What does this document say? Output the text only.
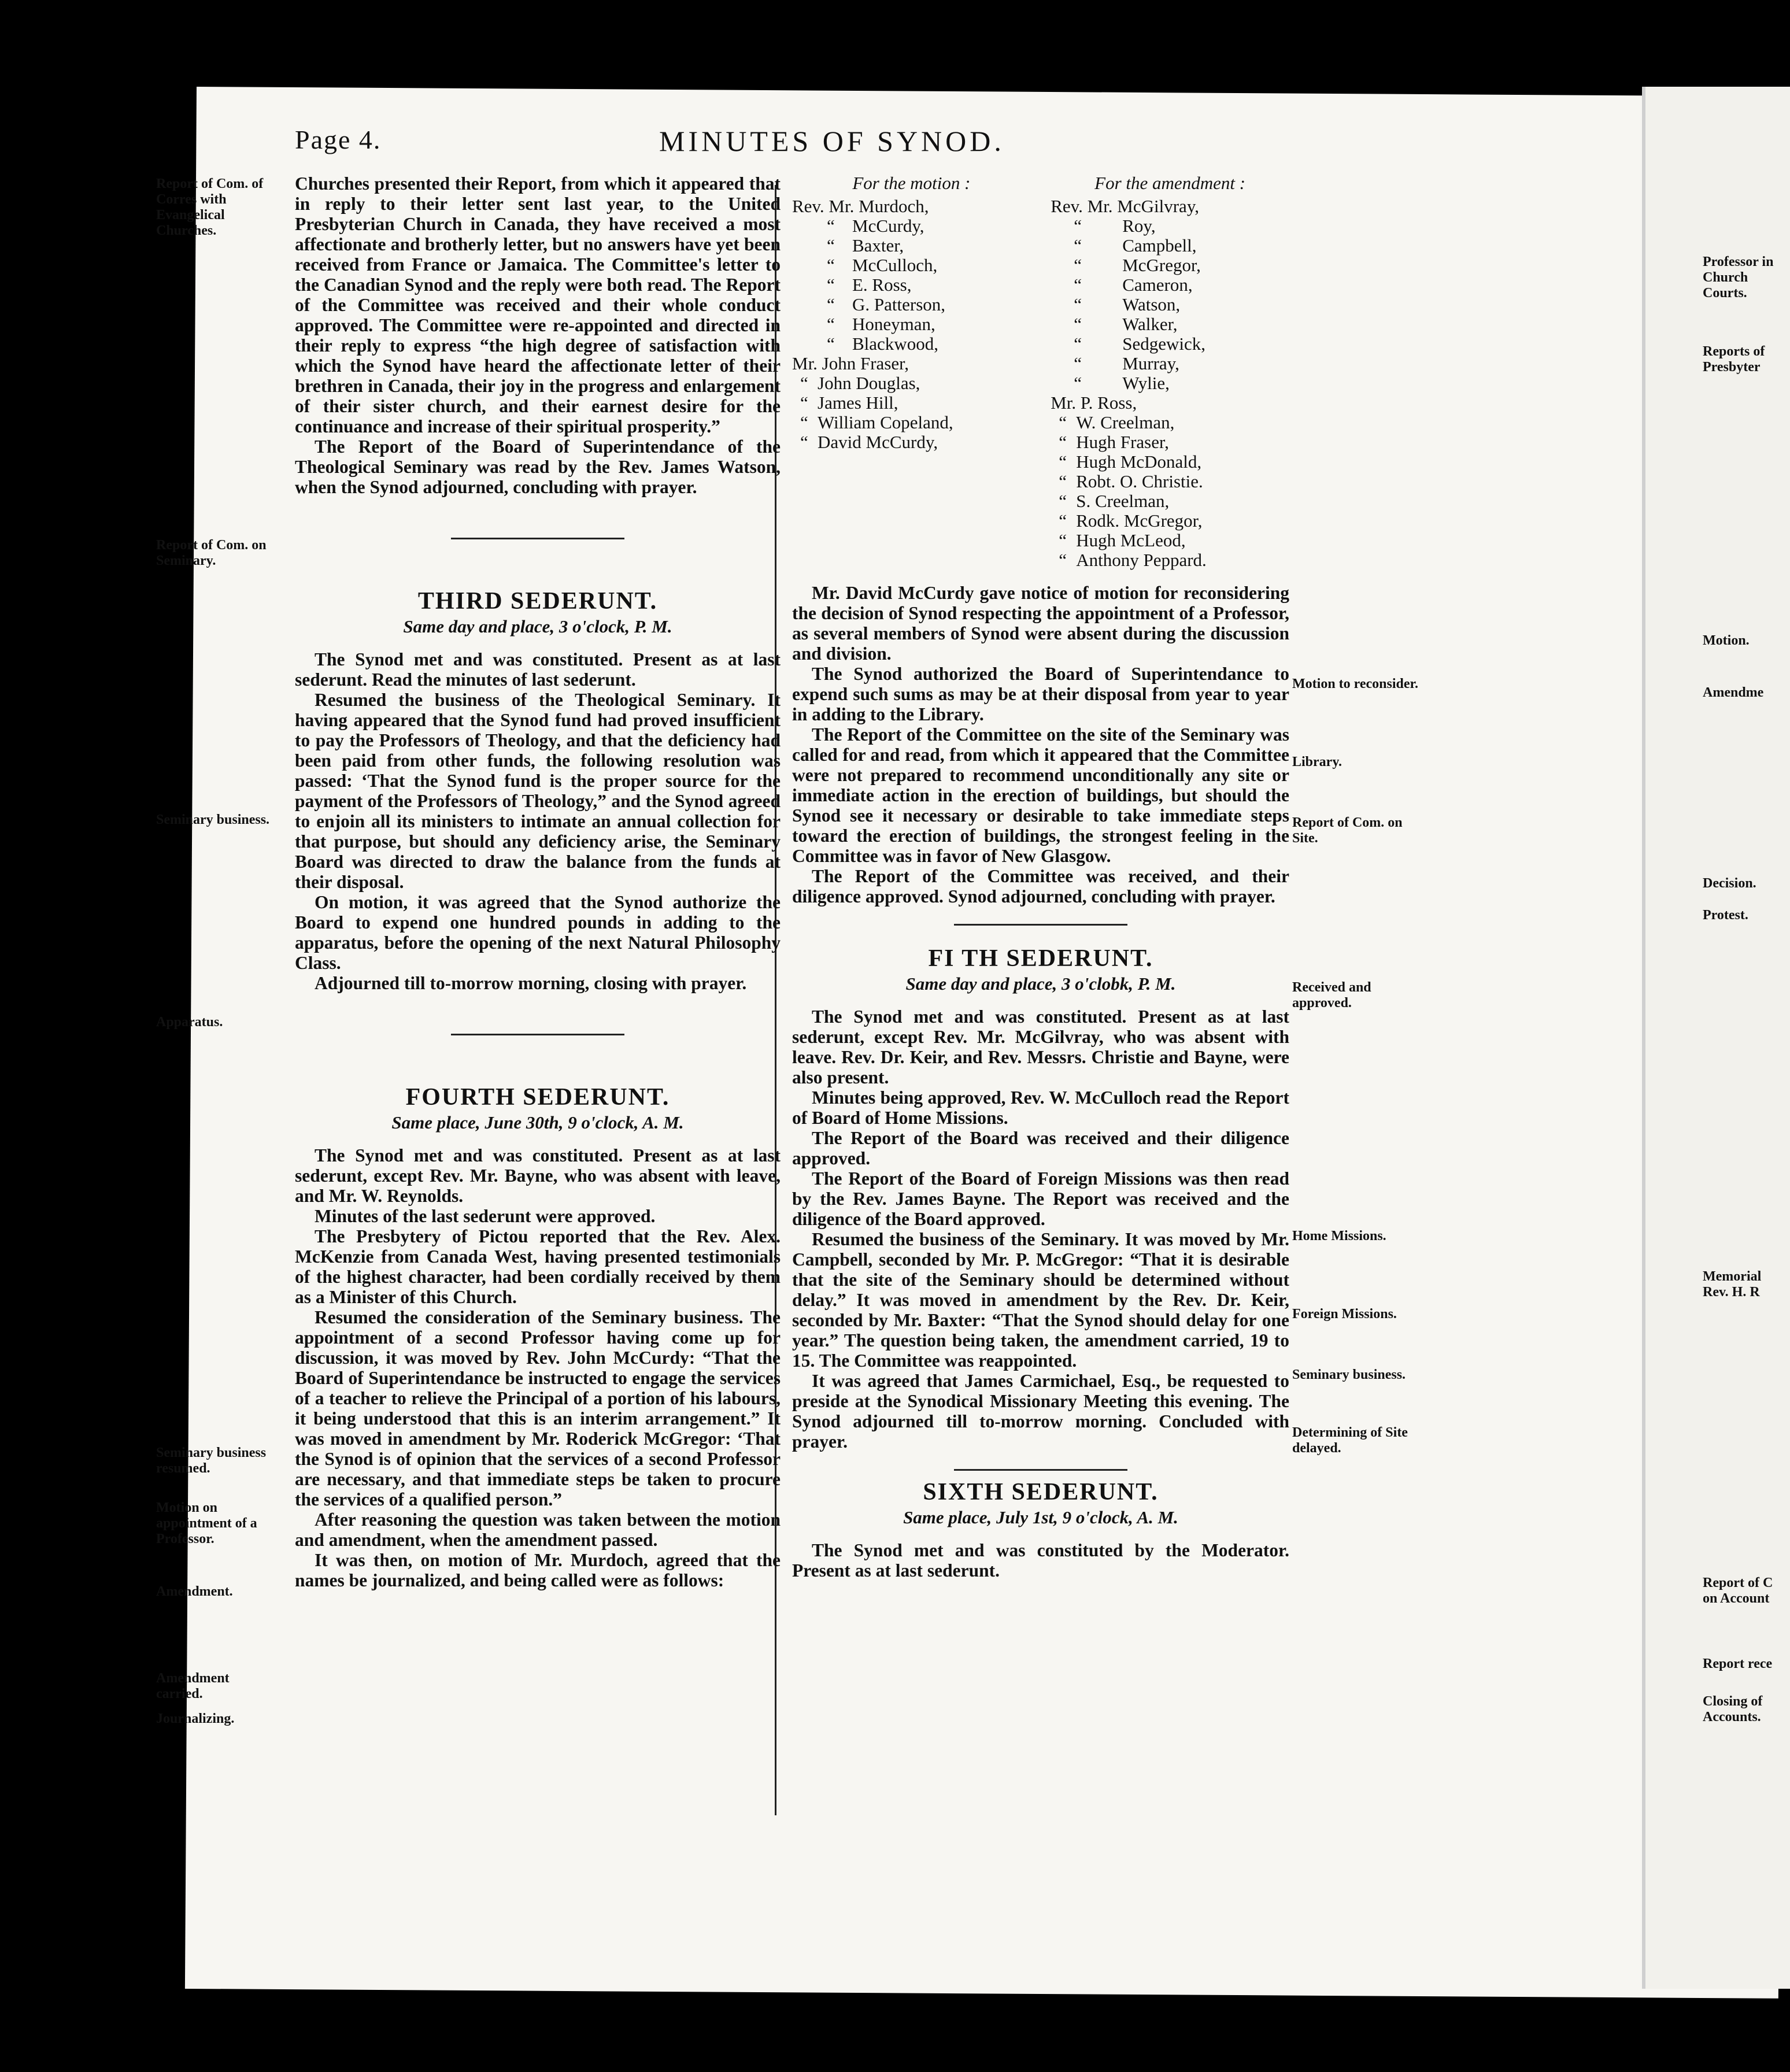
Page 4.	MINUTES OF SYNOD.
Report of Com. of Corres with Evangelical Churches.

Churches presented their Report, from which it appeared that in reply to their letter sent last year, to the United Presbyterian Church in Canada, they have received a most affectionate and brotherly letter, but no answers have yet been received from France or Jamaica. The Committee's letter to the Canadian Synod and the reply were both read. The Report of the Committee was received and their whole conduct approved. The Committee were re-appointed and directed in their reply to express “the high degree of satisfaction with which the Synod have heard the affectionate letter of their brethren in Canada, their joy in the progress and enlargement of their sister church, and their earnest desire for the continuance and increase of their spiritual prosperity.”

Report of Com. on Seminary.

The Report of the Board of Superintendance of the Theological Seminary was read by the Rev. James Watson, when the Synod adjourned, concluding with prayer.

THIRD SEDERUNT.
Same day and place, 3 o'clock, P. M.

The Synod met and was constituted. Present as at last sederunt. Read the minutes of last sederunt.

Seminary business.

Resumed the business of the Theological Seminary. It having appeared that the Synod fund had proved insufficient to pay the Professors of Theology, and that the deficiency had been paid from other funds, the following resolution was passed: ‘That the Synod fund is the proper source for the payment of the Professors of Theology,” and the Synod agreed to enjoin all its ministers to intimate an annual collection for that purpose, but should any deficiency arise, the Seminary Board was directed to draw the balance from the funds at their disposal.

Apparatus.

On motion, it was agreed that the Synod authorize the Board to expend one hundred pounds in adding to the apparatus, before the opening of the next Natural Philosophy Class.

Adjourned till to-morrow morning, closing with prayer.

FOURTH SEDERUNT.
Same place, June 30th, 9 o'clock, A. M.

The Synod met and was constituted. Present as at last sederunt, except Rev. Mr. Bayne, who was absent with leave, and Mr. W. Reynolds.

Minutes of the last sederunt were approved.

The Presbytery of Pictou reported that the Rev. Alex. McKenzie from Canada West, having presented testimonials of the highest character, had been cordially received by them as a Minister of this Church.

Seminary business resumed.
Motion on appointment of a Professor.
Amendment.

Resumed the consideration of the Seminary business. The appointment of a second Professor having come up for discussion, it was moved by Rev. John McCurdy: “That the Board of Superintendance be instructed to engage the services of a teacher to relieve the Principal of a portion of his labours, it being understood that this is an interim arrangement.” It was moved in amendment by Mr. Roderick McGregor: ‘That the Synod is of opinion that the services of a second Professor are necessary, and that immediate steps be taken to procure the services of a qualified person.”

Amendment carried.

After reasoning the question was taken between the motion and amendment, when the amendment passed.

Journalizing.

It was then, on motion of Mr. Murdoch, agreed that the names be journalized, and being called were as follows:

For the motion :
Rev. Mr. Murdoch,
“ McCurdy,
“ Baxter,
“ McCulloch,
“ E. Ross,
“ G. Patterson,
“ Honeyman,
“ Blackwood,
Mr. John Fraser,
“ John Douglas,
“ James Hill,
“ William Copeland,
“ David McCurdy,
For the amendment :
Rev. Mr. McGilvray,
“ Roy,
“ Campbell,
“ McGregor,
“ Cameron,
“ Watson,
“ Walker,
“ Sedgewick,
“ Murray,
“ Wylie,
Mr. P. Ross,
“ W. Creelman,
“ Hugh Fraser,
“ Hugh McDonald,
“ Robt. O. Christie.
“ S. Creelman,
“ Rodk. McGregor,
“ Hugh McLeod,
“ Anthony Peppard.
Motion to reconsider.

Mr. David McCurdy gave notice of motion for reconsidering the decision of Synod respecting the appointment of a Professor, as several members of Synod were absent during the discussion and division.

Library.

The Synod authorized the Board of Superintendance to expend such sums as may be at their disposal from year to year in adding to the Library.

Report of Com. on Site.

The Report of the Committee on the site of the Seminary was called for and read, from which it appeared that the Committee were not prepared to recommend unconditionally any site or immediate action in the erection of buildings, but should the Synod see it necessary or desirable to take immediate steps toward the erection of buildings, the strongest feeling in the Committee was in favor of New Glasgow.

Received and approved.

The Report of the Committee was received, and their diligence approved. Synod adjourned, concluding with prayer.

FI TH SEDERUNT.
Same day and place, 3 o'clobk, P. M.

The Synod met and was constituted. Present as at last sederunt, except Rev. Mr. McGilvray, who was absent with leave. Rev. Dr. Keir, and Rev. Messrs. Christie and Bayne, were also present.

Home Missions.

Minutes being approved, Rev. W. McCulloch read the Report of Board of Home Missions.

The Report of the Board was received and their diligence approved.

Foreign Missions.

The Report of the Board of Foreign Missions was then read by the Rev. James Bayne. The Report was received and the diligence of the Board approved.

Seminary business.
Determining of Site delayed.

Resumed the business of the Seminary. It was moved by Mr. Campbell, seconded by Mr. P. McGregor: “That it is desirable that the site of the Seminary should be determined without delay.” It was moved in amendment by the Rev. Dr. Keir, seconded by Mr. Baxter: “That the Synod should delay for one year.” The question being taken, the amendment carried, 19 to 15. The Committee was reappointed.

It was agreed that James Carmichael, Esq., be requested to preside at the Synodical Missionary Meeting this evening. The Synod adjourned till to-morrow morning. Concluded with prayer.

SIXTH SEDERUNT.
Same place, July 1st, 9 o'clock, A. M.

The Synod met and was constituted by the Moderator. Present as at last sederunt.

Professor in Church Courts.
Reports of Presbyter
Motion.
Amendme
Decision.
Protest.
Memorial Rev. H. R
Report of C on Account
Report rece
Closing of Accounts.
